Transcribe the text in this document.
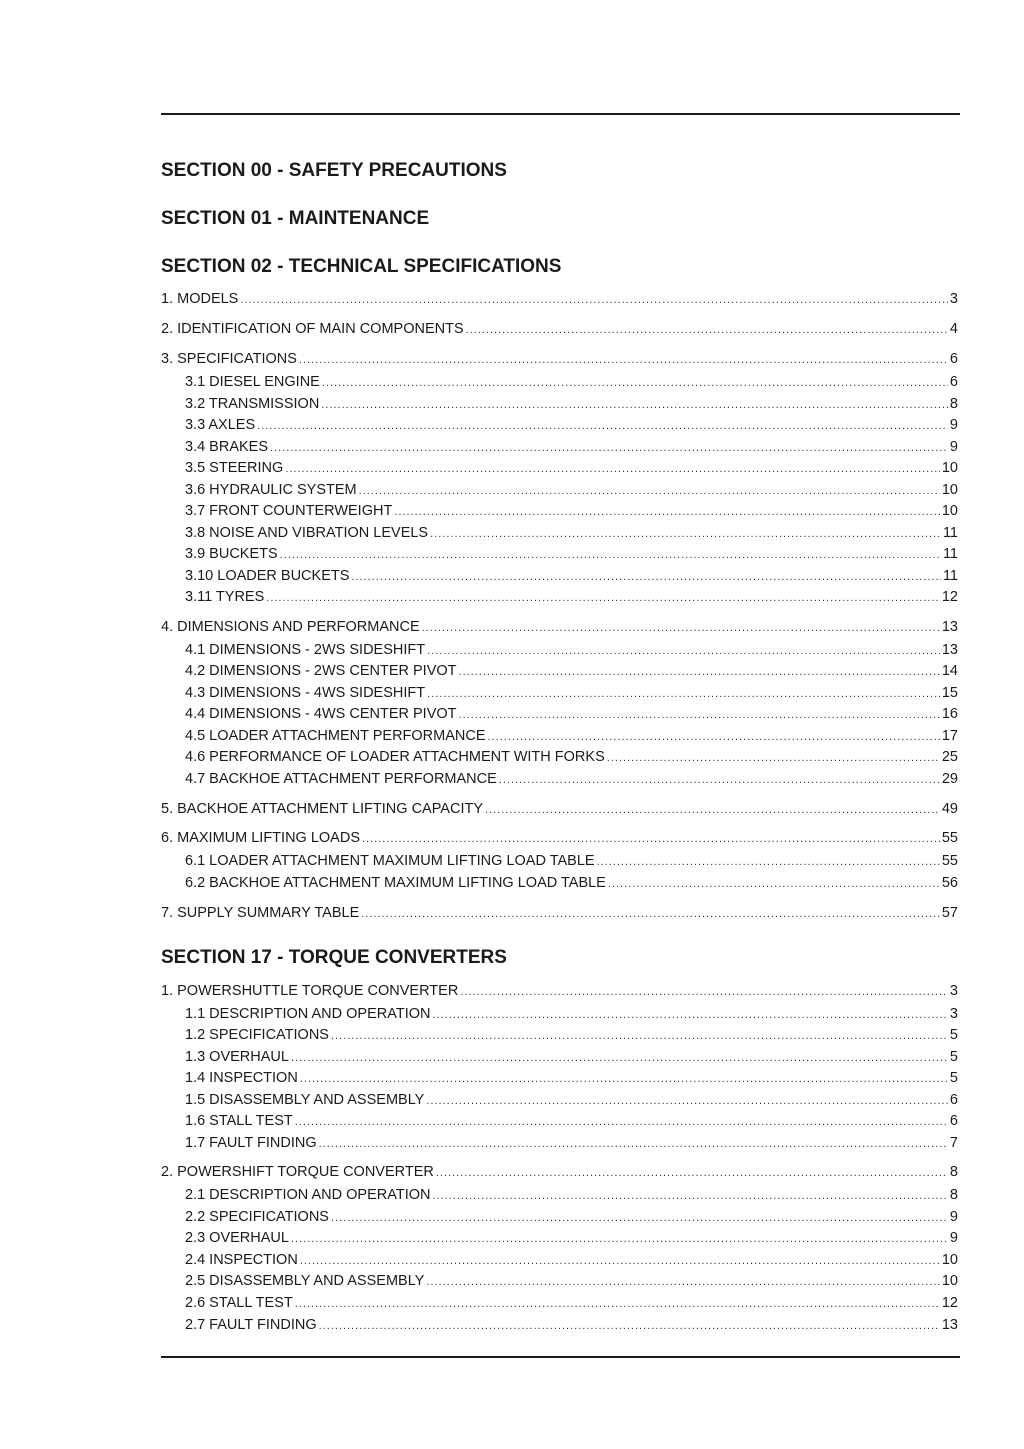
SECTION 00 - SAFETY PRECAUTIONS
SECTION 01 - MAINTENANCE
SECTION 02 - TECHNICAL SPECIFICATIONS
1. MODELS .....	3
2. IDENTIFICATION OF MAIN COMPONENTS .....	4
3. SPECIFICATIONS .....	6
3.1 DIESEL ENGINE .....	6
3.2 TRANSMISSION .....	8
3.3 AXLES .....	9
3.4 BRAKES .....	9
3.5 STEERING .....	10
3.6 HYDRAULIC SYSTEM .....	10
3.7 FRONT COUNTERWEIGHT .....	10
3.8 NOISE AND VIBRATION LEVELS .....	11
3.9 BUCKETS .....	11
3.10 LOADER BUCKETS .....	11
3.11 TYRES .....	12
4. DIMENSIONS AND PERFORMANCE .....	13
4.1 DIMENSIONS - 2WS SIDESHIFT .....	13
4.2 DIMENSIONS - 2WS CENTER PIVOT .....	14
4.3 DIMENSIONS - 4WS SIDESHIFT .....	15
4.4 DIMENSIONS - 4WS CENTER PIVOT .....	16
4.5 LOADER ATTACHMENT PERFORMANCE .....	17
4.6 PERFORMANCE OF LOADER ATTACHMENT WITH FORKS .....	25
4.7 BACKHOE ATTACHMENT PERFORMANCE .....	29
5. BACKHOE ATTACHMENT LIFTING CAPACITY .....	49
6. MAXIMUM LIFTING LOADS .....	55
6.1 LOADER ATTACHMENT MAXIMUM LIFTING LOAD TABLE .....	55
6.2 BACKHOE ATTACHMENT MAXIMUM LIFTING LOAD TABLE .....	56
7. SUPPLY SUMMARY TABLE .....	57
SECTION 17 - TORQUE CONVERTERS
1. POWERSHUTTLE TORQUE CONVERTER .....	3
1.1 DESCRIPTION AND OPERATION .....	3
1.2 SPECIFICATIONS .....	5
1.3 OVERHAUL .....	5
1.4 INSPECTION .....	5
1.5 DISASSEMBLY AND ASSEMBLY .....	6
1.6 STALL TEST .....	6
1.7 FAULT FINDING .....	7
2. POWERSHIFT TORQUE CONVERTER .....	8
2.1 DESCRIPTION AND OPERATION .....	8
2.2 SPECIFICATIONS .....	9
2.3 OVERHAUL .....	9
2.4 INSPECTION .....	10
2.5 DISASSEMBLY AND ASSEMBLY .....	10
2.6 STALL TEST .....	12
2.7 FAULT FINDING .....	13
